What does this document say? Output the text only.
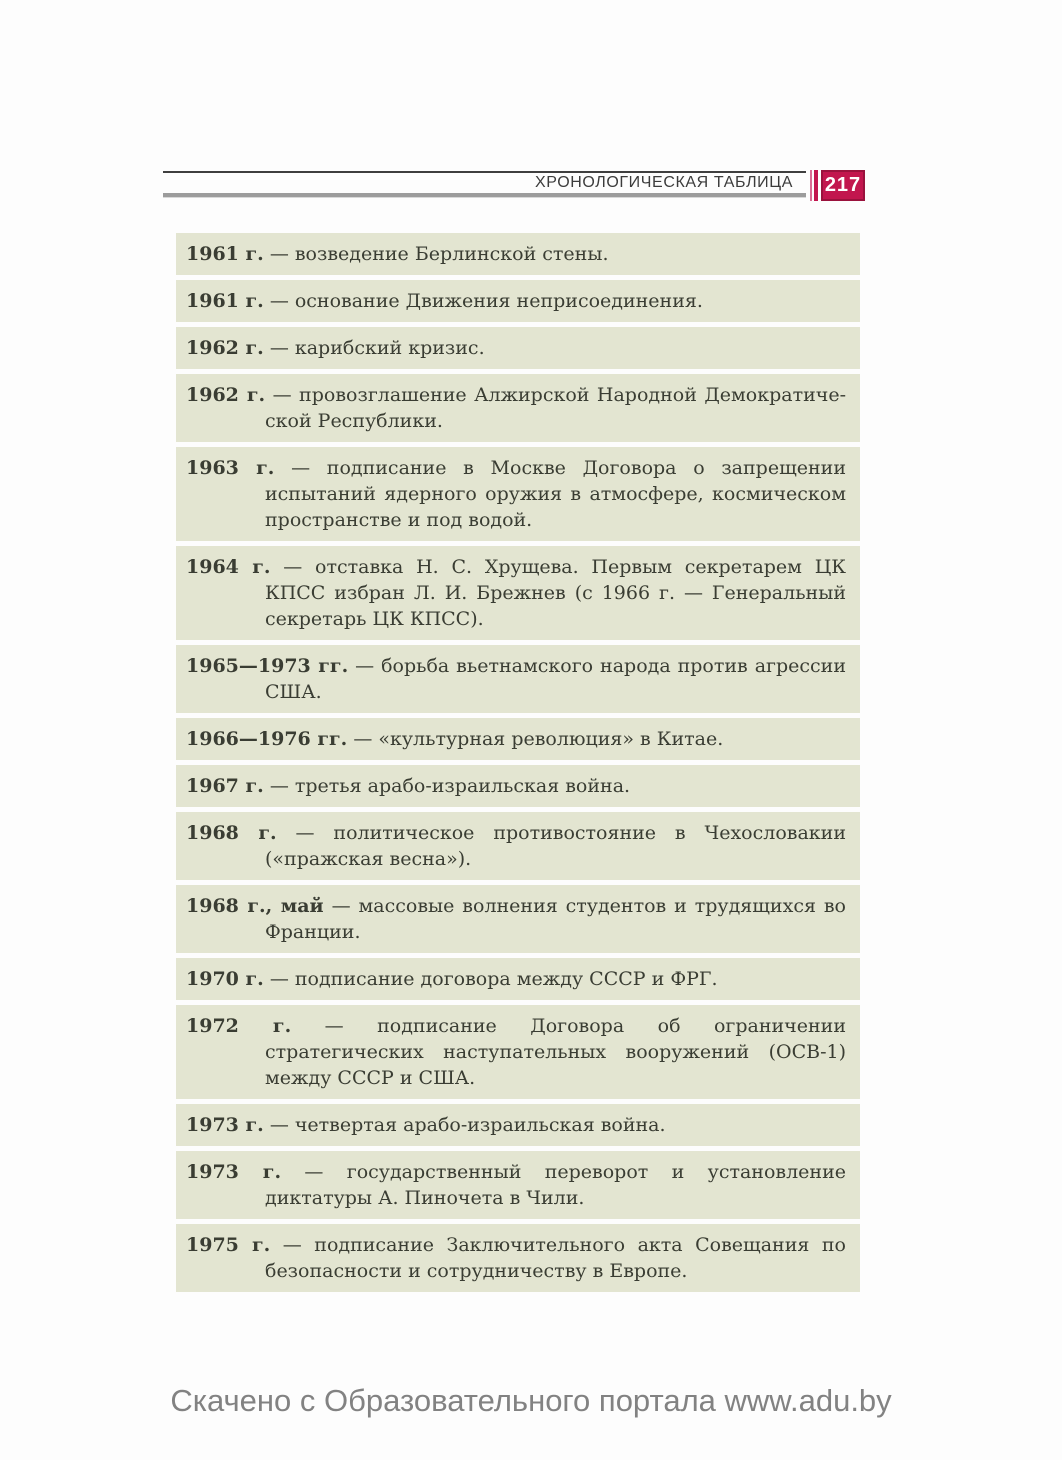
ХРОНОЛОГИЧЕСКАЯ ТАБЛИЦА 217
1961 г. — возведение Берлинской стены.
1961 г. — основание Движения неприсоединения.
1962 г. — карибский кризис.
1962 г. — провозглашение Алжирской Народной Демократической Республики.
1963 г. — подписание в Москве Договора о запрещении испытаний ядерного оружия в атмосфере, космическом пространстве и под водой.
1964 г. — отставка Н. С. Хрущева. Первым секретарем ЦК КПСС избран Л. И. Брежнев (с 1966 г. — Генеральный секретарь ЦК КПСС).
1965—1973 гг. — борьба вьетнамского народа против агрессии США.
1966—1976 гг. — «культурная революция» в Китае.
1967 г. — третья арабо-израильская война.
1968 г. — политическое противостояние в Чехословакии («пражская весна»).
1968 г., май — массовые волнения студентов и трудящихся во Франции.
1970 г. — подписание договора между СССР и ФРГ.
1972 г. — подписание Договора об ограничении стратегических наступательных вооружений (ОСВ-1) между СССР и США.
1973 г. — четвертая арабо-израильская война.
1973 г. — государственный переворот и установление диктатуры А. Пиночета в Чили.
1975 г. — подписание Заключительного акта Совещания по безопасности и сотрудничеству в Европе.
Скачено с Образовательного портала www.adu.by
